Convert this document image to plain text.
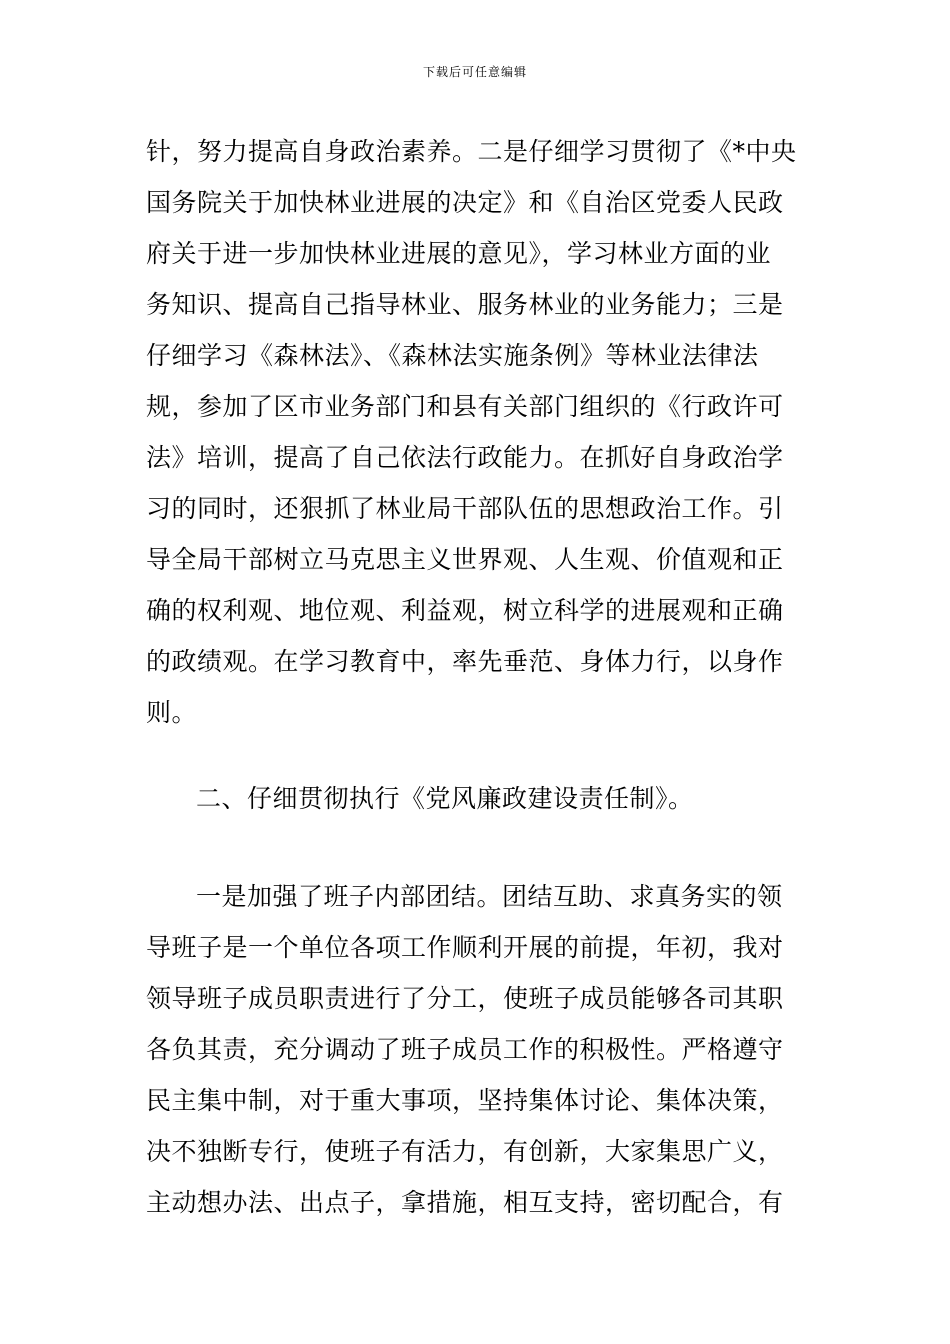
下载后可任意编辑
针，努力提高自身政治素养。二是仔细学习贯彻了《*中央
国务院关于加快林业进展的决定》和《自治区党委人民政
府关于进一步加快林业进展的意见》，学习林业方面的业
务知识、提高自己指导林业、服务林业的业务能力；三是
仔细学习《森林法》、《森林法实施条例》等林业法律法
规，参加了区市业务部门和县有关部门组织的《行政许可
法》培训，提高了自己依法行政能力。在抓好自身政治学
习的同时，还狠抓了林业局干部队伍的思想政治工作。引
导全局干部树立马克思主义世界观、人生观、价值观和正
确的权利观、地位观、利益观，树立科学的进展观和正确
的政绩观。在学习教育中，率先垂范、身体力行，以身作
则。
二、仔细贯彻执行《党风廉政建设责任制》。
一是加强了班子内部团结。团结互助、求真务实的领
导班子是一个单位各项工作顺利开展的前提，年初，我对
领导班子成员职责进行了分工，使班子成员能够各司其职
各负其责，充分调动了班子成员工作的积极性。严格遵守
民主集中制，对于重大事项，坚持集体讨论、集体决策，
决不独断专行，使班子有活力，有创新，大家集思广义，
主动想办法、出点子，拿措施，相互支持，密切配合，有
